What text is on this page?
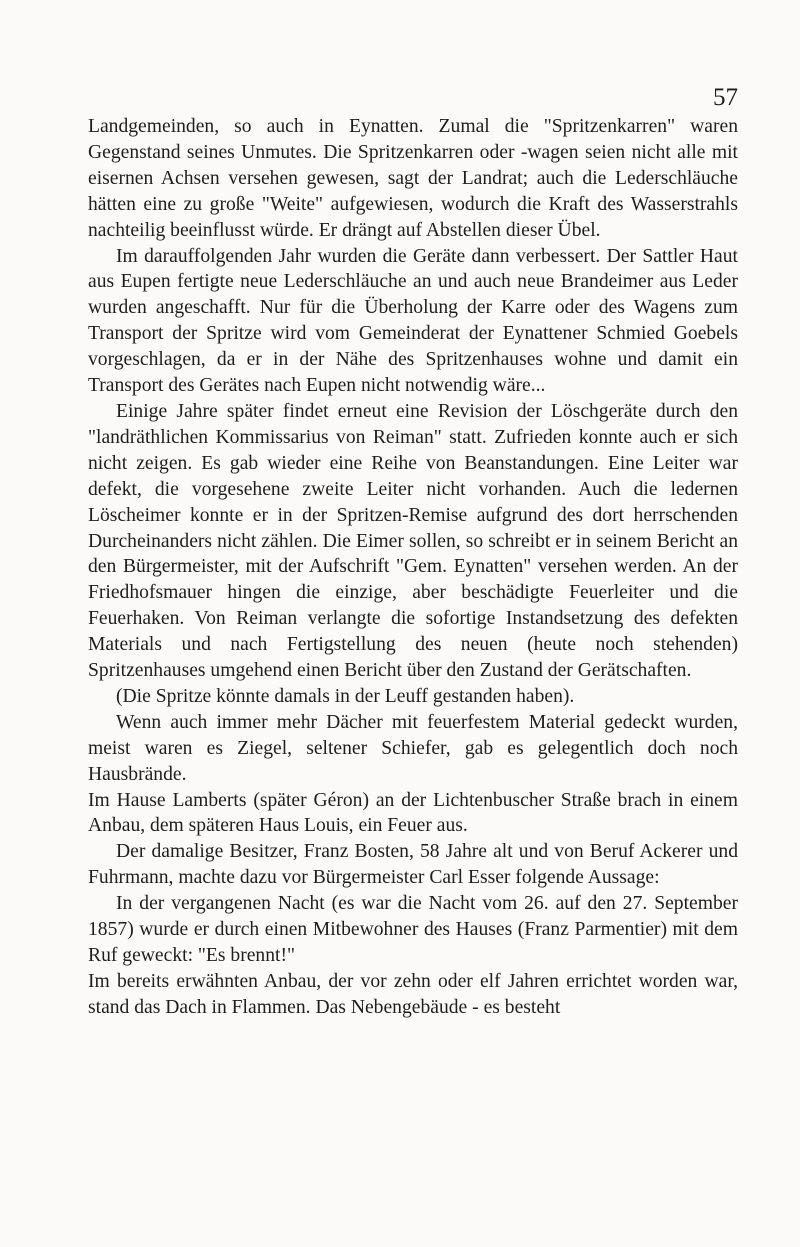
57

Landgemeinden, so auch in Eynatten. Zumal die "Spritzenkarren" waren Gegenstand seines Unmutes. Die Spritzenkarren oder -wagen seien nicht alle mit eisernen Achsen versehen gewesen, sagt der Landrat; auch die Lederschläuche hätten eine zu große "Weite" aufgewiesen, wodurch die Kraft des Wasserstrahls nachteilig beeinflusst würde. Er drängt auf Abstellen dieser Übel.

Im darauffolgenden Jahr wurden die Geräte dann verbessert. Der Sattler Haut aus Eupen fertigte neue Lederschläuche an und auch neue Brandeimer aus Leder wurden angeschafft. Nur für die Überholung der Karre oder des Wagens zum Transport der Spritze wird vom Gemeinderat der Eynattener Schmied Goebels vorgeschlagen, da er in der Nähe des Spritzenhauses wohne und damit ein Transport des Gerätes nach Eupen nicht notwendig wäre...

Einige Jahre später findet erneut eine Revision der Löschgeräte durch den "landräthlichen Kommissarius von Reiman" statt. Zufrieden konnte auch er sich nicht zeigen. Es gab wieder eine Reihe von Beanstandungen. Eine Leiter war defekt, die vorgesehene zweite Leiter nicht vorhanden. Auch die ledernen Löscheimer konnte er in der Spritzen-Remise aufgrund des dort herrschenden Durcheinanders nicht zählen. Die Eimer sollen, so schreibt er in seinem Bericht an den Bürgermeister, mit der Aufschrift "Gem. Eynatten" versehen werden. An der Friedhofsmauer hingen die einzige, aber beschädigte Feuerleiter und die Feuerhaken. Von Reiman verlangte die sofortige Instandsetzung des defekten Materials und nach Fertigstellung des neuen (heute noch stehenden) Spritzenhauses umgehend einen Bericht über den Zustand der Gerätschaften.

(Die Spritze könnte damals in der Leuff gestanden haben).

Wenn auch immer mehr Dächer mit feuerfestem Material gedeckt wurden, meist waren es Ziegel, seltener Schiefer, gab es gelegentlich doch noch Hausbrände.

Im Hause Lamberts (später Géron) an der Lichtenbuscher Straße brach in einem Anbau, dem späteren Haus Louis, ein Feuer aus.

Der damalige Besitzer, Franz Bosten, 58 Jahre alt und von Beruf Ackerer und Fuhrmann, machte dazu vor Bürgermeister Carl Esser folgende Aussage:

In der vergangenen Nacht (es war die Nacht vom 26. auf den 27. September 1857) wurde er durch einen Mitbewohner des Hauses (Franz Parmentier) mit dem Ruf geweckt: "Es brennt!"

Im bereits erwähnten Anbau, der vor zehn oder elf Jahren errichtet worden war, stand das Dach in Flammen. Das Nebengebäude - es besteht
